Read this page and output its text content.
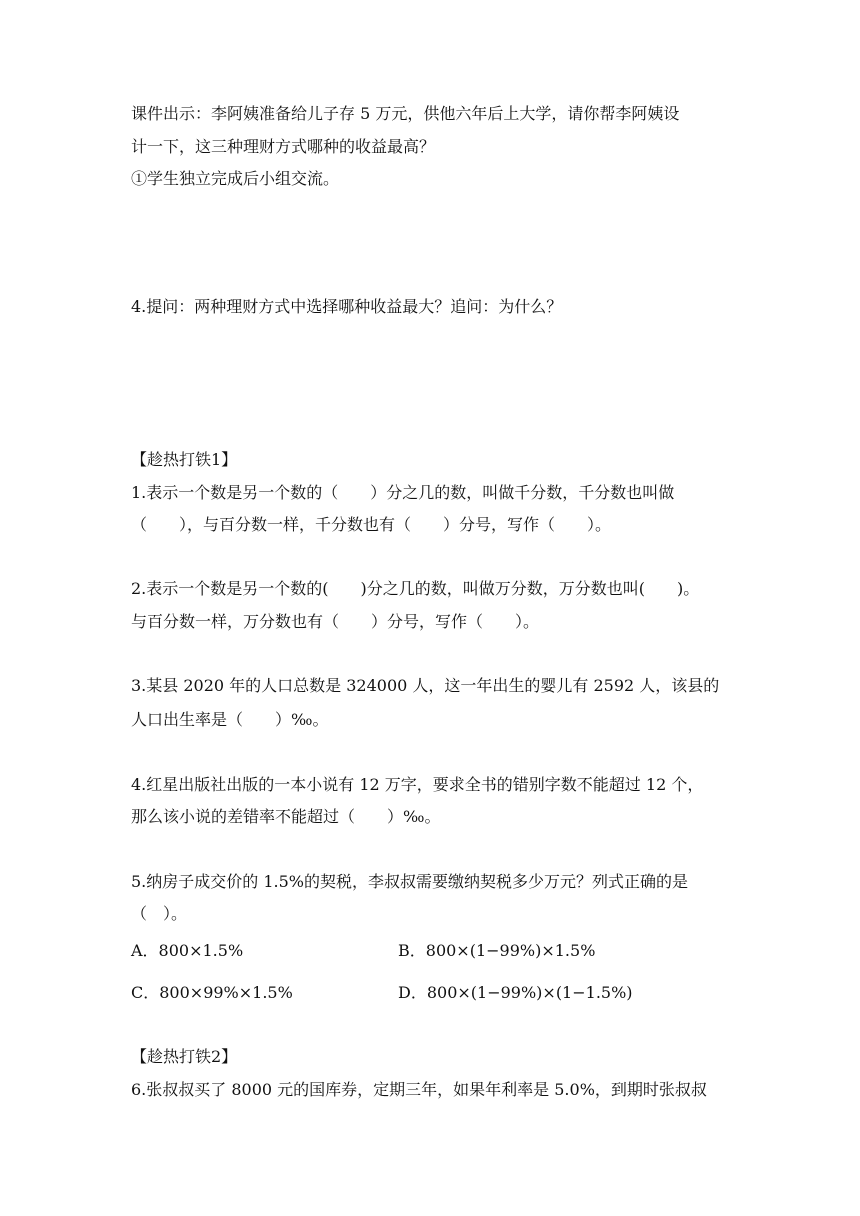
课件出示：李阿姨准备给儿子存 5 万元，供他六年后上大学，请你帮李阿姨设
计一下，这三种理财方式哪种的收益最高？
①学生独立完成后小组交流。
4.提问：两种理财方式中选择哪种收益最大？追问：为什么？
【趁热打铁1】
1.表示一个数是另一个数的（　　）分之几的数，叫做千分数，千分数也叫做
（　　），与百分数一样，千分数也有（　　）分号，写作（　　）。
2.表示一个数是另一个数的(　　)分之几的数，叫做万分数，万分数也叫(　　)。
与百分数一样，万分数也有（　　）分号，写作（　　）。
3.某县 2020 年的人口总数是 324000 人，这一年出生的婴儿有 2592 人，该县的
人口出生率是（　　）‰。
4.红星出版社出版的一本小说有 12 万字，要求全书的错别字数不能超过 12 个，
那么该小说的差错率不能超过（　　）‰。
5.纳房子成交价的 1.5%的契税，李叔叔需要缴纳契税多少万元？列式正确的是
（　）。
A．800×1.5%	B．800×(1−99%)×1.5%
C．800×99%×1.5%	D．800×(1−99%)×(1−1.5%)
【趁热打铁2】
6.张叔叔买了 8000 元的国库券，定期三年，如果年利率是 5.0%，到期时张叔叔
